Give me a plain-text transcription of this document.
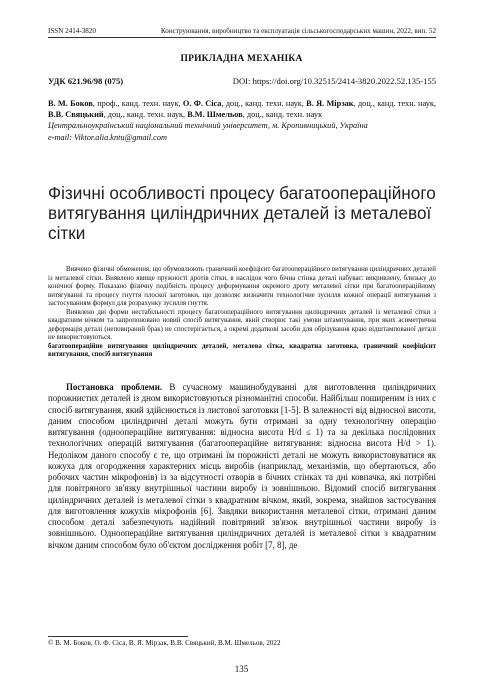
ISSN 2414-3820	Конструювання, виробництво та експлуатація сільськогосподарських машин, 2022, вип. 52
ПРИКЛАДНА МЕХАНІКА
УДК 621.96/98 (075)	DOI: https://doi.org/10.32515/2414-3820.2022.52.135-155
В. М. Боков, проф., канд. техн. наук, О. Ф. Сіса, доц., канд. техн. наук, В. Я. Мірзак, доц., канд. техн. наук, В.В. Свяцький, доц., канд. техн. наук, В.М. Шмельов, доц., канд. техн. наук
Центральноукраїнський національний технічний університет, м. Кропивницький, Україна
e-mail: Viktor.alia.kntu@gmail.com
Фізичні особливості процесу багатоопераційного витягування циліндричних деталей із металевої сітки

Вивчено фізичні обмеження, що обумовлюють граничний коефіцієнт багатоопераційного витягування циліндричних деталей із металевої сітки. Виявлено явище пружності дротів сітки, в наслідок чого бічна стінка деталі набуває: викривлену, близьку до конічної форму. Показано фізичну подібність процесу деформування окремого дроту металевої сітки при багатоопераційному витягуванні та процесу гнуття плоскої заготовки, що дозволяє визначити технологічне зусилля кожної операції витягування з застосуванням формул для розрахунку зусилля гнуття.

Виявлено дві форми нестабільності процесу багатоопераційного витягування циліндричних деталей із металевої сітки з квадратним вічком та запропоновано новий спосіб витягування, який створює такі умови штампування, при яких асиметрична деформація деталі (неповнраний брак) не спостерігається, а окремі додаткові засоби для обрізування краю відштампованої деталі не використовуються.

багатоопераційне витягування циліндричних деталей, металева сітка, квадратна заготовка, граничний коефіцієнт витягування, спосіб витягування

Постановка проблеми. В сучасному машинобудуванні для виготовлення циліндричних порожнистих деталей із дном використовуються різноманітні способи. Найбільш поширеним із них є спосіб витягування, який здійснюється із листової заготовки [1-5]. В залежності від відносної висоти, даним способом циліндричні деталі можуть бути отримані за одну технологічну операцію витягування (одноопераційне витягування: відносна висота H/d ≤ 1) та за декілька послідовних технологічних операцій витягування (багатоопераційне витягування: відносна висота H/d > 1). Недоліком даного способу є те, що отримані їм порожністі деталі не можуть використовуватися як кожуха для огородження характерних місць виробів (наприклад, механізмів, що обертаються, або робочих частин мікрофонів) із за відсутності отворів в бічних стінках та дні ковпачка, які потрібні для повітряного зв'язку внутрішньої частини виробу із зовнішньою. Відомий спосіб витягування циліндричних деталей із металевої сітки з квадратним вічком, який, зокрема, знайшов застосування для виготовлення кожухів мікрофонів [6]. Завдяки використання металевої сітки, отримані даним способом деталі забезпечують надійний повітряний зв'язок внутрішньої частини виробу із зовнішньою. Одноопераційне витягування циліндричних деталей із металевої сітки з квадратним вічком даним способом було об'єктом дослідження робіт [7, 8], де

© В. М. Боков, О. Ф. Сіса, В. Я. Мірзак, В.В. Свяцький, В.М. Шмельов, 2022
135
